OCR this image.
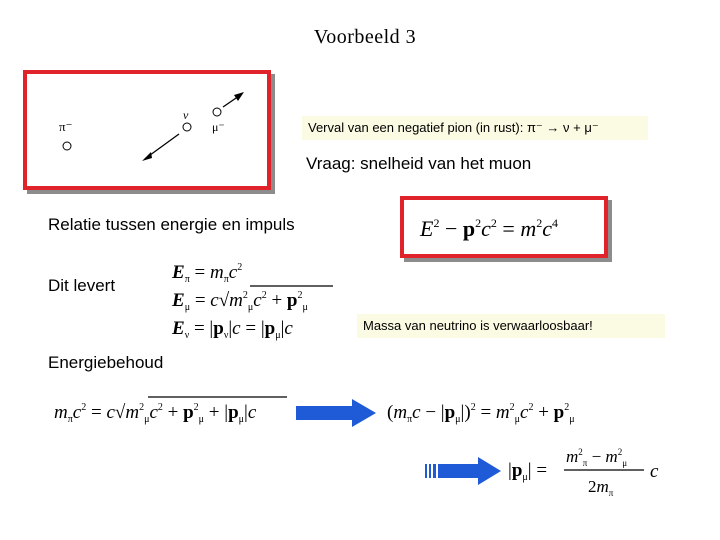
Voorbeeld 3
π⁻
ν
μ⁻	Verval van een negatief pion (in rust): π⁻ → ν + μ⁻
Vraag: snelheid van het muon
Relatie tussen energie en impuls	$E^2 - p^2c^2 = m^2c^4$
Dit levert
$E_\pi = m_\pi c^2$
$E_\mu = c√m^2_\mu c^2 + p^2_\mu$
$E_\nu = |p_\nu|c = |p_\mu|c$	Massa van neutrino is verwaarloosbaar!
Energiebehoud
$m_\pi c^2 = c√m^2_\mu c^2 + p^2_\mu + |p_\mu|c$	$(m_\pi c - |p_\mu|)^2 = m^2_\mu c^2 + p^2_\mu$
$|p_\mu|$ =
$m^2_\pi - m^2_\mu$
$2m_\pi$
c
